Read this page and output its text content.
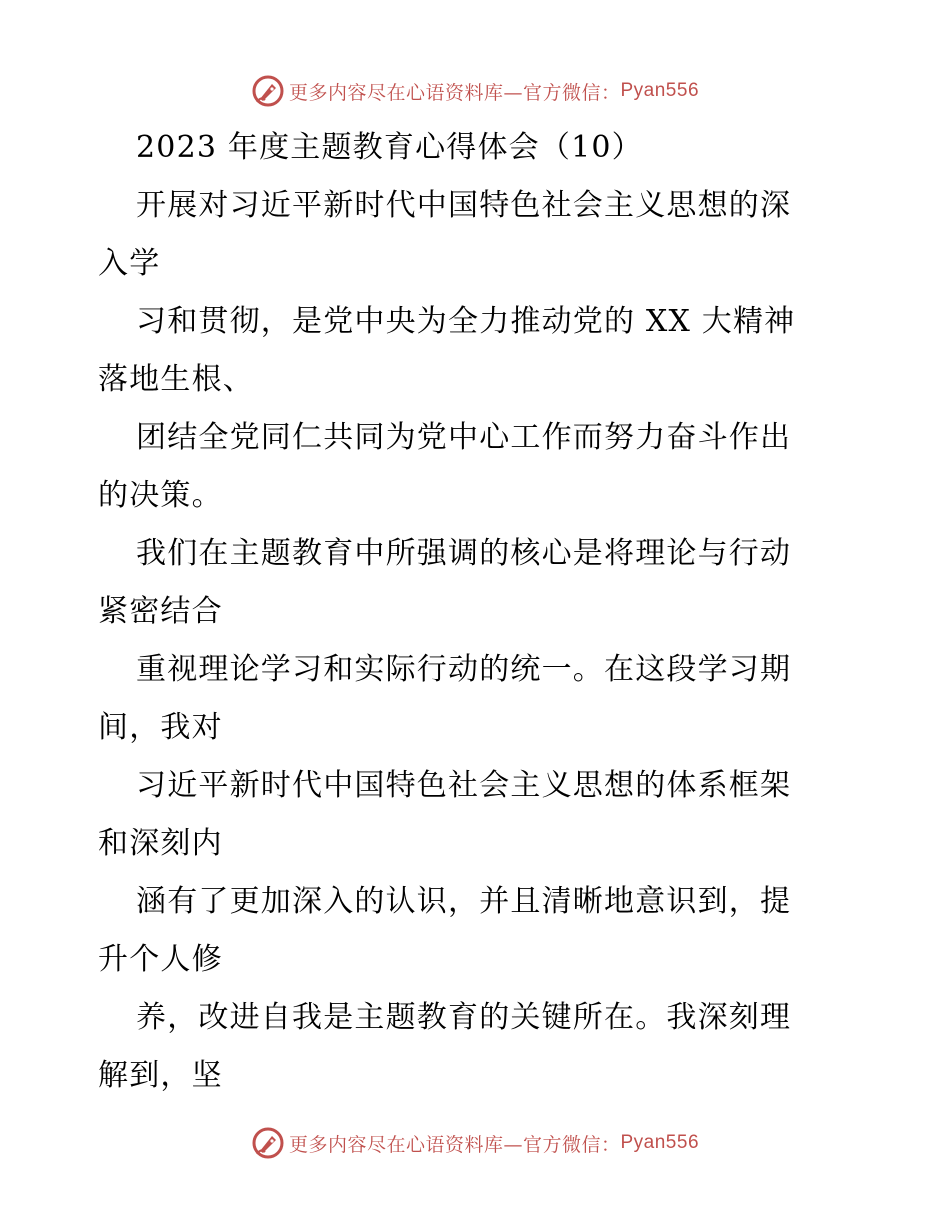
更多内容尽在心语资料库—官方微信： Pyan556
2023 年度主题教育心得体会（10）
开展对习近平新时代中国特色社会主义思想的深
入学
习和贯彻，是党中央为全力推动党的 XX 大精神
落地生根、
团结全党同仁共同为党中心工作而努力奋斗作出
的决策。
我们在主题教育中所强调的核心是将理论与行动
紧密结合
重视理论学习和实际行动的统一。在这段学习期
间，我对
习近平新时代中国特色社会主义思想的体系框架
和深刻内
涵有了更加深入的认识，并且清晰地意识到，提
升个人修
养，改进自我是主题教育的关键所在。我深刻理
解到，坚
更多内容尽在心语资料库—官方微信： Pyan556
